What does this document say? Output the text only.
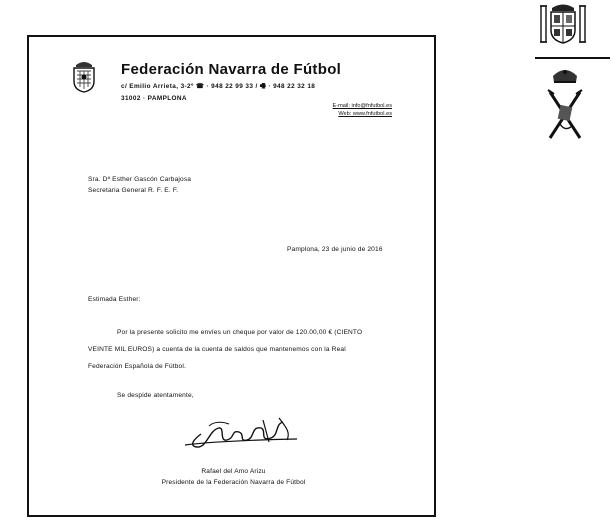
Federación Navarra de Fútbol
c/ Emilio Arrieta, 3-2º ☎ · 948 22 99 33 / 🖷 · 948 22 32 18
31002 · PAMPLONA
E-mail: info@fnfutbol.es
Web: www.fnfutbol.es
Sra. Dª Esther Gascón Carbajosa
Secretaria General R. F. E. F.
Pamplona, 23 de junio de 2016
Estimada Esther:
Por la presente solicito me envíes un cheque por valor de 120.00,00 € (CIENTO
VEINTE MIL EUROS) a cuenta de la cuenta de saldos que mantenemos con la Real
Federación Española de Fútbol.
Se despide atentamente,
Rafael del Amo Arizu
Presidente de la Federación Navarra de Fútbol
